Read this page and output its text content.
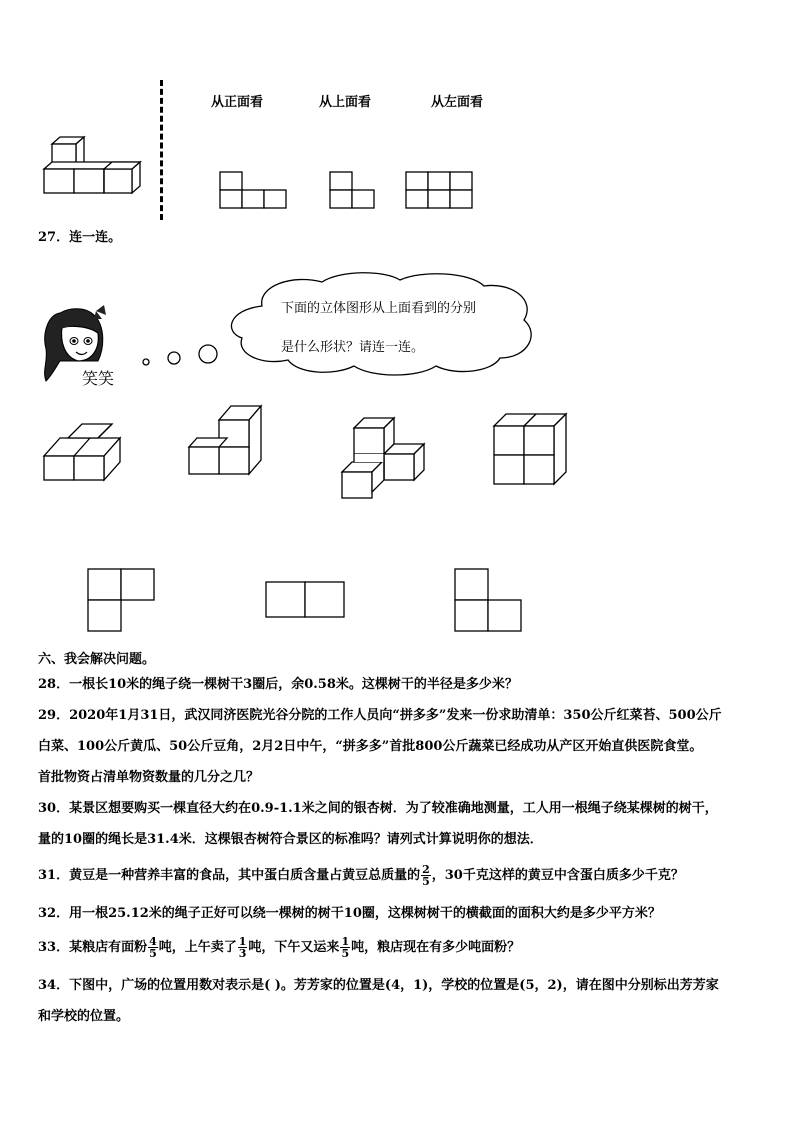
从正面看	从上面看	从左面看
27．连一连。
笑笑
下面的立体图形从上面看到的分别
是什么形状？请连一连。
六、我会解决问题。
28．一根长10米的绳子绕一棵树干3圈后，余0.58米。这棵树干的半径是多少米？
29．2020年1月31日，武汉同济医院光谷分院的工作人员向“拼多多”发来一份求助清单：350公斤红菜苔、500公斤
白菜、100公斤黄瓜、50公斤豆角，2月2日中午，“拼多多”首批800公斤蔬菜已经成功从产区开始直供医院食堂。
首批物资占清单物资数量的几分之几？
30．某景区想要购买一棵直径大约在0.9-1.1米之间的银杏树．为了较准确地测量，工人用一根绳子绕某棵树的树干，
量的10圈的绳长是31.4米．这棵银杏树符合景区的标准吗？请列式计算说明你的想法．
31．黄豆是一种营养丰富的食品，其中蛋白质含量占黄豆总质量的 $\frac{2}{5}$ ，30千克这样的黄豆中含蛋白质多少千克？
32．用一根25.12米的绳子正好可以绕一棵树的树干10圈，这棵树树干的横截面的面积大约是多少平方米？
33．某粮店有面粉 $\frac{4}{5}$ 吨，上午卖了 $\frac{1}{3}$ 吨，下午又运来 $\frac{1}{5}$ 吨，粮店现在有多少吨面粉？
34．下图中，广场的位置用数对表示是( )。芳芳家的位置是(4，1)，学校的位置是(5，2)，请在图中分别标出芳芳家
和学校的位置。
